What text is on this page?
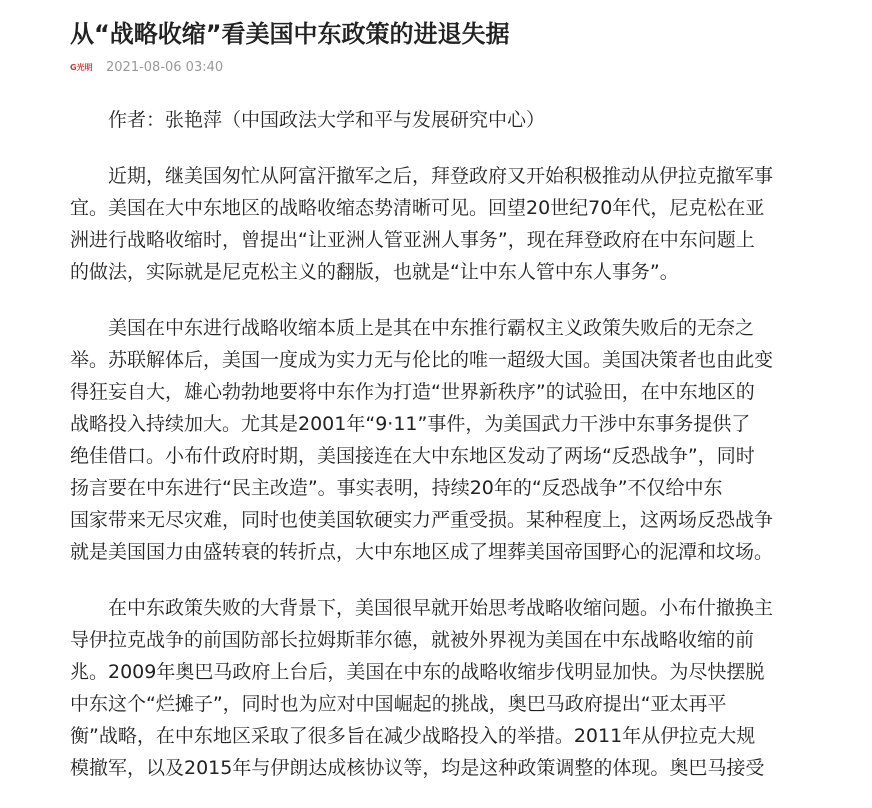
从“战略收缩”看美国中东政策的进退失据
G光明 2021-08-06 03:40

作者：张艳萍（中国政法大学和平与发展研究中心）

近期，继美国匆忙从阿富汗撤军之后，拜登政府又开始积极推动从伊拉克撤军事
宜。美国在大中东地区的战略收缩态势清晰可见。回望20世纪70年代，尼克松在亚
洲进行战略收缩时，曾提出“让亚洲人管亚洲人事务”，现在拜登政府在中东问题上
的做法，实际就是尼克松主义的翻版，也就是“让中东人管中东人事务”。

美国在中东进行战略收缩本质上是其在中东推行霸权主义政策失败后的无奈之
举。苏联解体后，美国一度成为实力无与伦比的唯一超级大国。美国决策者也由此变
得狂妄自大，雄心勃勃地要将中东作为打造“世界新秩序”的试验田，在中东地区的
战略投入持续加大。尤其是2001年“9·11”事件，为美国武力干涉中东事务提供了
绝佳借口。小布什政府时期，美国接连在大中东地区发动了两场“反恐战争”，同时
扬言要在中东进行“民主改造”。事实表明，持续20年的“反恐战争”不仅给中东
国家带来无尽灾难，同时也使美国软硬实力严重受损。某种程度上，这两场反恐战争
就是美国国力由盛转衰的转折点，大中东地区成了埋葬美国帝国野心的泥潭和坟场。

在中东政策失败的大背景下，美国很早就开始思考战略收缩问题。小布什撤换主
导伊拉克战争的前国防部长拉姆斯菲尔德，就被外界视为美国在中东战略收缩的前
兆。2009年奥巴马政府上台后，美国在中东的战略收缩步伐明显加快。为尽快摆脱
中东这个“烂摊子”，同时也为应对中国崛起的挑战，奥巴马政府提出“亚太再平
衡”战略，在中东地区采取了很多旨在减少战略投入的举措。2011年从伊拉克大规
模撤军，以及2015年与伊朗达成核协议等，均是这种政策调整的体现。奥巴马接受
